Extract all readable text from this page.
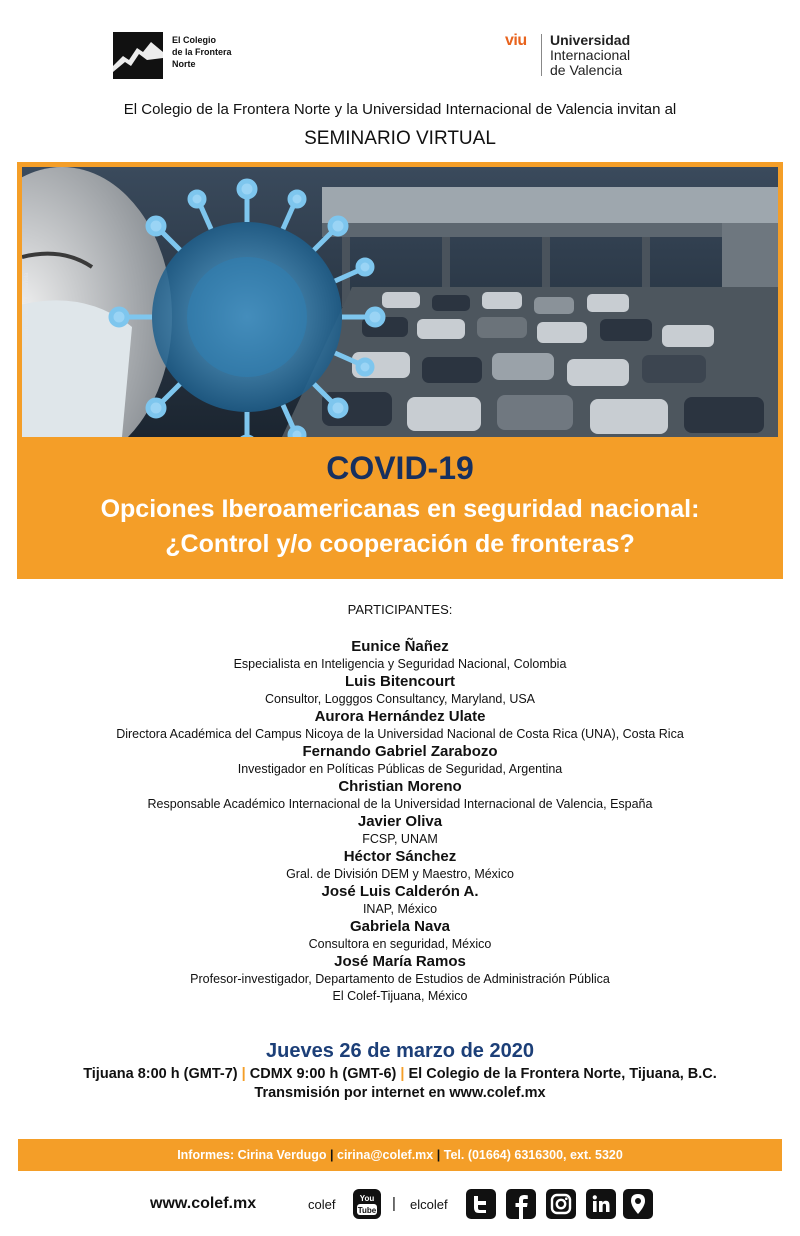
El Colegio
de la Frontera
Norte
viu Universidad
Internacional
de Valencia
El Colegio de la Frontera Norte y la Universidad Internacional de Valencia invitan al
SEMINARIO VIRTUAL
Imagen del sitio la española
COVID-19
Opciones Iberoamericanas en seguridad nacional:
¿Control y/o cooperación de fronteras?
PARTICIPANTES:
Eunice Ñañez
Especialista en Inteligencia y Seguridad Nacional, Colombia
Luis Bitencourt
Consultor, Logggos Consultancy, Maryland, USA
Aurora Hernández Ulate
Directora Académica del Campus Nicoya de la Universidad Nacional de Costa Rica (UNA), Costa Rica
Fernando Gabriel Zarabozo
Investigador en Políticas Públicas de Seguridad, Argentina
Christian Moreno
Responsable Académico Internacional de la Universidad Internacional de Valencia, España
Javier Oliva
FCSP, UNAM
Héctor Sánchez
Gral. de División DEM y Maestro, México
José Luis Calderón A.
INAP, México
Gabriela Nava
Consultora en seguridad, México
José María Ramos
Profesor-investigador, Departamento de Estudios de Administración Pública
El Colef-Tijuana, México
Jueves 26 de marzo de 2020
Tijuana 8:00 h (GMT-7) | CDMX 9:00 h (GMT-6) | El Colegio de la Frontera Norte, Tijuana, B.C.
Transmisión por internet en www.colef.mx
Informes: Cirina Verdugo | cirina@colef.mx | Tel. (01664) 6316300, ext. 5320
www.colef.mx	colef	You
Tube | elcolef
